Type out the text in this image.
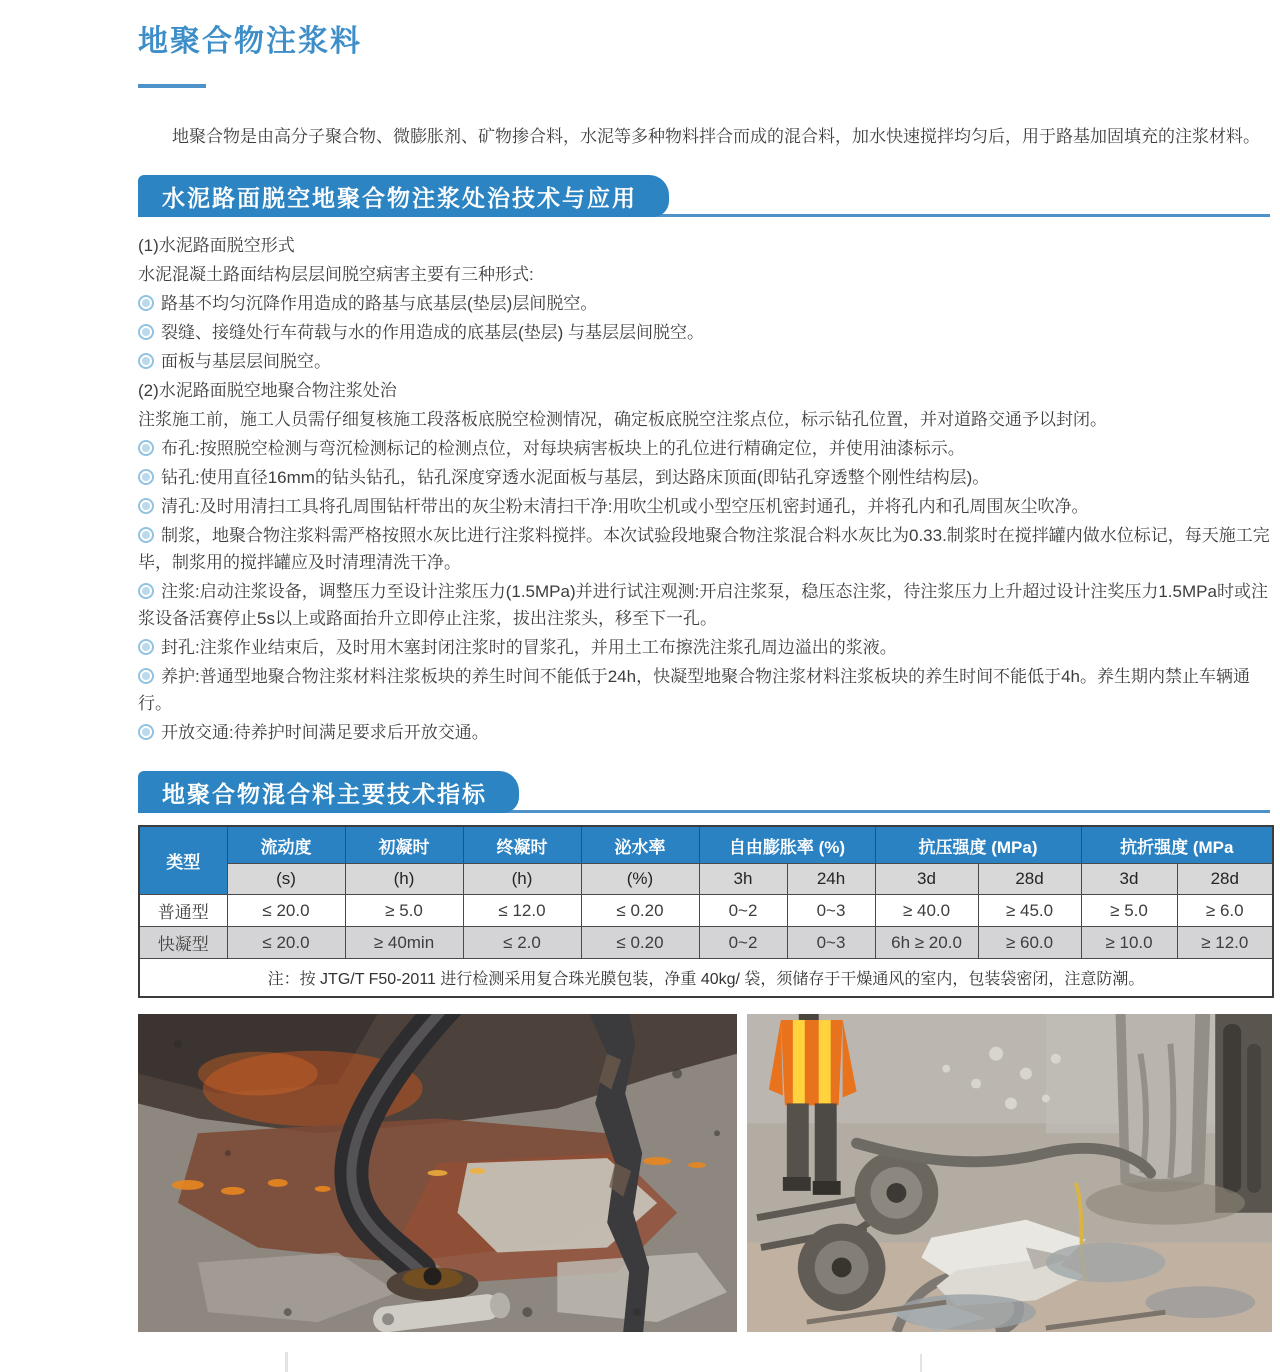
地聚合物注浆料
地聚合物是由高分子聚合物、微膨胀剂、矿物掺合料，水泥等多种物料拌合而成的混合料，加水快速搅拌均匀后，用于路基加固填充的注浆材料。
水泥路面脱空地聚合物注浆处治技术与应用

(1)水泥路面脱空形式

水泥混凝土路面结构层层间脱空病害主要有三种形式:

路基不均匀沉降作用造成的路基与底基层(垫层)层间脱空。

裂缝、接缝处行车荷载与水的作用造成的底基层(垫层) 与基层层间脱空。

面板与基层层间脱空。

(2)水泥路面脱空地聚合物注浆处治

注浆施工前，施工人员需仔细复核施工段落板底脱空检测情况，确定板底脱空注浆点位，标示钻孔位置，并对道路交通予以封闭。

布孔:按照脱空检测与弯沉检测标记的检测点位，对每块病害板块上的孔位进行精确定位，并使用油漆标示。

钻孔:使用直径16mm的钻头钻孔，钻孔深度穿透水泥面板与基层，到达路床顶面(即钻孔穿透整个刚性结构层)。

清孔:及时用清扫工具将孔周围钻杆带出的灰尘粉末清扫干净:用吹尘机或小型空压机密封通孔，并将孔内和孔周围灰尘吹净。

制浆，地聚合物注浆料需严格按照水灰比进行注浆料搅拌。本次试验段地聚合物注浆混合料水灰比为0.33.制浆时在搅拌罐内做水位标记，每天施工完毕，制浆用的搅拌罐应及时清理清洗干净。

注浆:启动注浆设备，调整压力至设计注浆压力(1.5MPa)并进行试注观测:开启注浆泵，稳压态注浆，待注浆压力上升超过设计注奖压力1.5MPa时或注浆设备活赛停止5s以上或路面抬升立即停止注浆，拔出注浆头，移至下一孔。

封孔:注浆作业结束后，及时用木塞封闭注浆时的冒浆孔，并用土工布擦洗注浆孔周边溢出的浆液。

养护:普通型地聚合物注浆材料注浆板块的养生时间不能低于24h，快凝型地聚合物注浆材料注浆板块的养生时间不能低于4h。养生期内禁止车辆通行。

开放交通:待养护时间满足要求后开放交通。

地聚合物混合料主要技术指标
类型	流动度	初凝时	终凝时	泌水率	自由膨胀率 (%)		抗压强度 (MPa)		抗折强度 (MPa	
	(s)	(h)	(h)	(%)	3h	24h	3d	28d	3d	28d
普通型	≤ 20.0	≥ 5.0	≤ 12.0	≤ 0.20	0~2	0~3	≥ 40.0	≥ 45.0	≥ 5.0	≥ 6.0
快凝型	≤ 20.0	≥ 40min	≤ 2.0	≤ 0.20	0~2	0~3	6h ≥ 20.0	≥ 60.0	≥ 10.0	≥ 12.0
注：按 JTG/T F50-2011 进行检测采用复合珠光膜包装，净重 40kg/ 袋，须储存于干燥通风的室内，包装袋密闭，注意防潮。										
